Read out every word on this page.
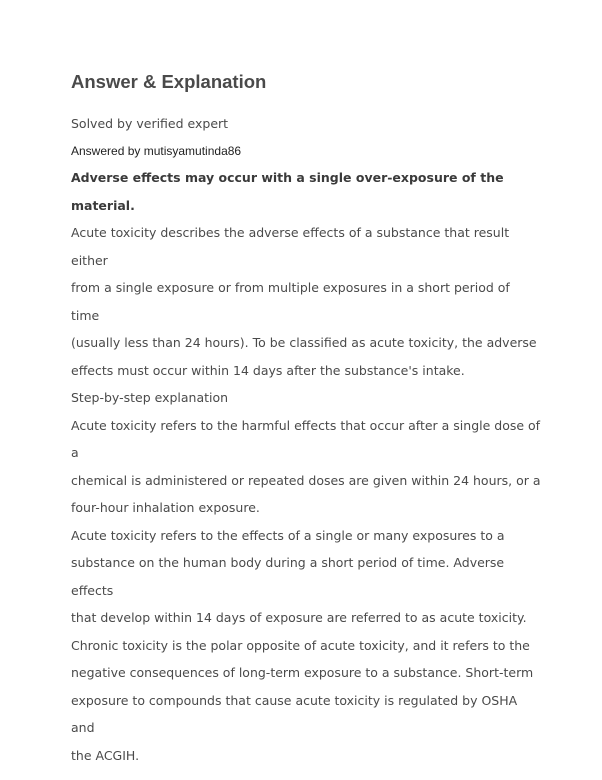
Answer & Explanation
Solved by verified expert
Answered by mutisyamutinda86
Adverse effects may occur with a single over-exposure of the
material.
Acute toxicity describes the adverse effects of a substance that result either
from a single exposure or from multiple exposures in a short period of time
(usually less than 24 hours). To be classified as acute toxicity, the adverse
effects must occur within 14 days after the substance's intake.
Step-by-step explanation
Acute toxicity refers to the harmful effects that occur after a single dose of a
chemical is administered or repeated doses are given within 24 hours, or a
four-hour inhalation exposure.
Acute toxicity refers to the effects of a single or many exposures to a
substance on the human body during a short period of time. Adverse effects
that develop within 14 days of exposure are referred to as acute toxicity.
Chronic toxicity is the polar opposite of acute toxicity, and it refers to the
negative consequences of long-term exposure to a substance. Short-term
exposure to compounds that cause acute toxicity is regulated by OSHA and
the ACGIH.
